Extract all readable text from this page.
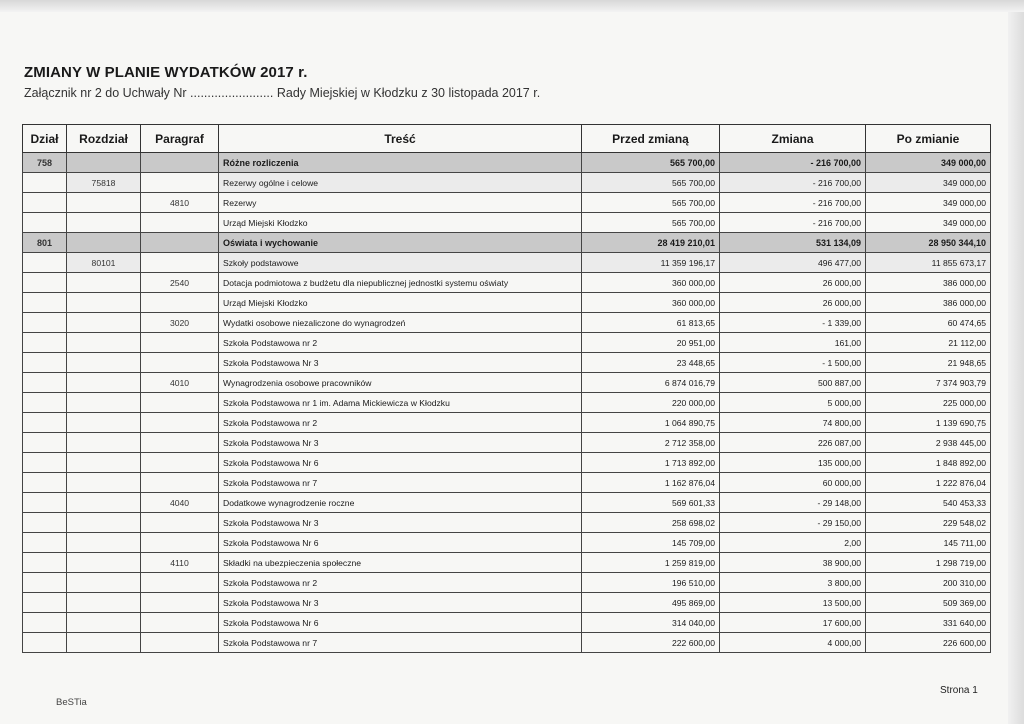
ZMIANY W PLANIE WYDATKÓW 2017 r.
Załącznik nr 2 do Uchwały Nr ........................ Rady Miejskiej w Kłodzku z 30 listopada 2017 r.
Dział	Rozdział	Paragraf	Treść	Przed zmianą	Zmiana	Po zmianie
758			Różne rozliczenia	565 700,00	- 216 700,00	349 000,00
	75818		Rezerwy ogólne i celowe	565 700,00	- 216 700,00	349 000,00
		4810	Rezerwy	565 700,00	- 216 700,00	349 000,00
			Urząd Miejski Kłodzko	565 700,00	- 216 700,00	349 000,00
801			Oświata i wychowanie	28 419 210,01	531 134,09	28 950 344,10
	80101		Szkoły podstawowe	11 359 196,17	496 477,00	11 855 673,17
		2540	Dotacja podmiotowa z budżetu dla niepublicznej jednostki systemu oświaty	360 000,00	26 000,00	386 000,00
			Urząd Miejski Kłodzko	360 000,00	26 000,00	386 000,00
		3020	Wydatki osobowe niezaliczone do wynagrodzeń	61 813,65	- 1 339,00	60 474,65
			Szkoła Podstawowa nr 2	20 951,00	161,00	21 112,00
			Szkoła Podstawowa Nr 3	23 448,65	- 1 500,00	21 948,65
		4010	Wynagrodzenia osobowe pracowników	6 874 016,79	500 887,00	7 374 903,79
			Szkoła Podstawowa nr 1 im. Adama Mickiewicza w Kłodzku	220 000,00	5 000,00	225 000,00
			Szkoła Podstawowa nr 2	1 064 890,75	74 800,00	1 139 690,75
			Szkoła Podstawowa Nr 3	2 712 358,00	226 087,00	2 938 445,00
			Szkoła Podstawowa Nr 6	1 713 892,00	135 000,00	1 848 892,00
			Szkoła Podstawowa nr 7	1 162 876,04	60 000,00	1 222 876,04
		4040	Dodatkowe wynagrodzenie roczne	569 601,33	- 29 148,00	540 453,33
			Szkoła Podstawowa Nr 3	258 698,02	- 29 150,00	229 548,02
			Szkoła Podstawowa Nr 6	145 709,00	2,00	145 711,00
		4110	Składki na ubezpieczenia społeczne	1 259 819,00	38 900,00	1 298 719,00
			Szkoła Podstawowa nr 2	196 510,00	3 800,00	200 310,00
			Szkoła Podstawowa Nr 3	495 869,00	13 500,00	509 369,00
			Szkoła Podstawowa Nr 6	314 040,00	17 600,00	331 640,00
			Szkoła Podstawowa nr 7	222 600,00	4 000,00	226 600,00
BeSTia
Strona 1
